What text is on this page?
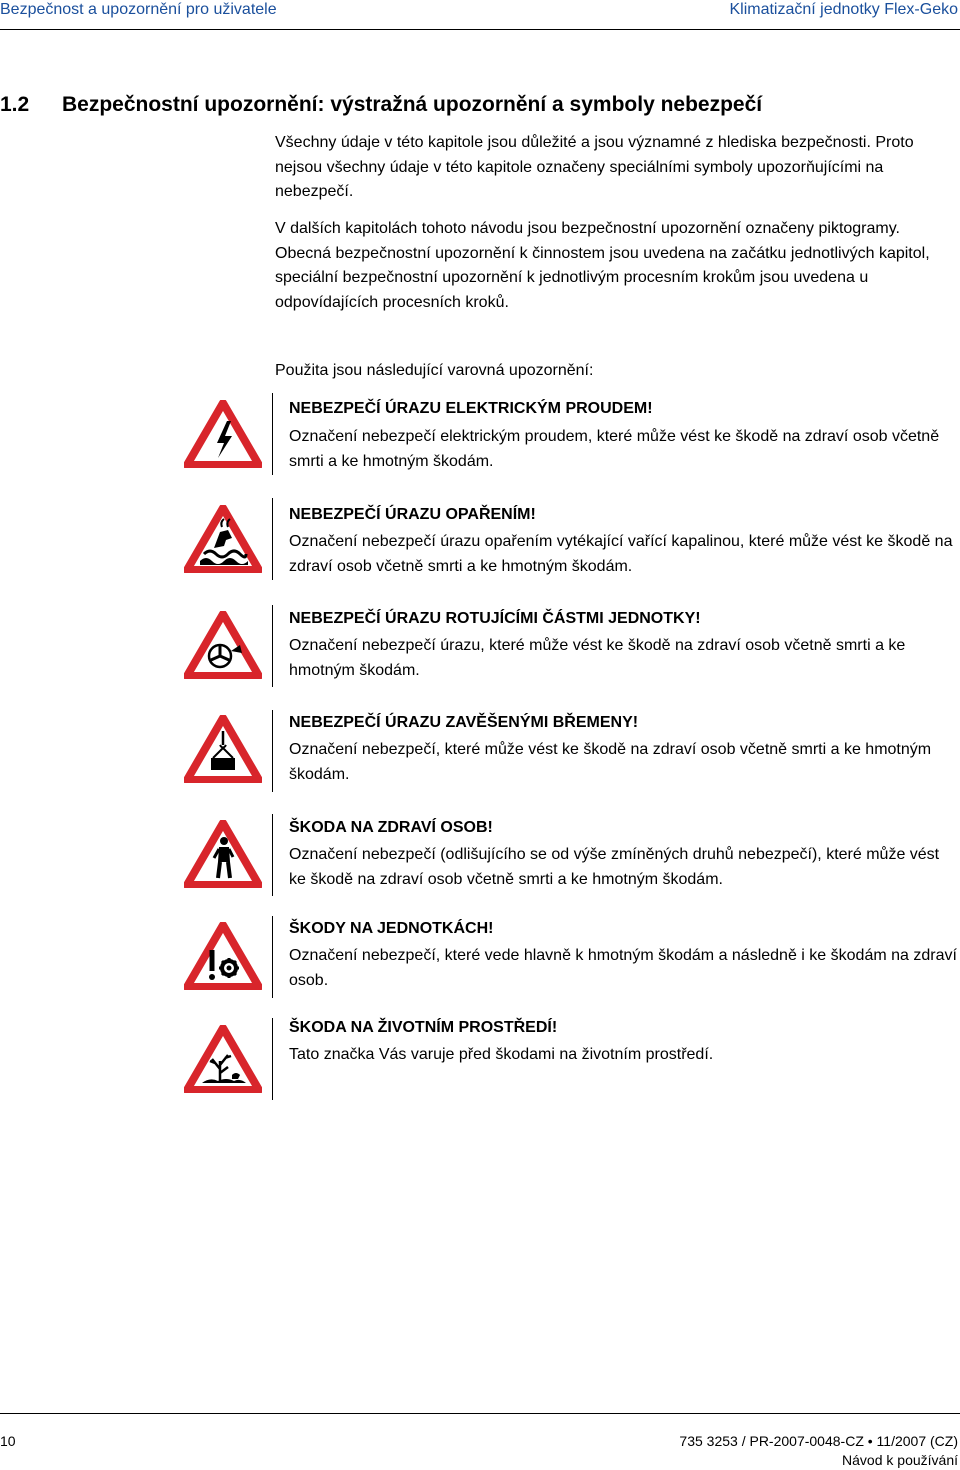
Bezpečnost a upozornění pro uživatele	Klimatizační jednotky Flex-Geko
1.2 Bezpečnostní upozornění: výstražná upozornění a symboly nebezpečí

Všechny údaje v této kapitole jsou důležité a jsou významné z hlediska bezpečnosti. Proto nejsou všechny údaje v této kapitole označeny speciálními symboly upozorňujícími na nebezpečí.

V dalších kapitolách tohoto návodu jsou bezpečnostní upozornění označeny piktogramy. Obecná bezpečnostní upozornění k činnostem jsou uvedena na začátku jednotlivých kapitol, speciální bezpečnostní upozornění k jednotlivým procesním krokům jsou uvedena u odpovídajících procesních kroků.

Použita jsou následující varovná upozornění:

NEBEZPEČÍ ÚRAZU ELEKTRICKÝM PROUDEM!

Označení nebezpečí elektrickým proudem, které může vést ke škodě na zdraví osob včetně smrti a ke hmotným škodám.

NEBEZPEČÍ ÚRAZU OPAŘENÍM!

Označení nebezpečí úrazu opařením vytékající vařící kapalinou, které může vést ke škodě na zdraví osob včetně smrti a ke hmotným škodám.

NEBEZPEČÍ ÚRAZU ROTUJÍCÍMI ČÁSTMI JEDNOTKY!

Označení nebezpečí úrazu, které může vést ke škodě na zdraví osob včetně smrti a ke hmotným škodám.

NEBEZPEČÍ ÚRAZU ZAVĚŠENÝMI BŘEMENY!

Označení nebezpečí, které může vést ke škodě na zdraví osob včetně smrti a ke hmotným škodám.

ŠKODA NA ZDRAVÍ OSOB!

Označení nebezpečí (odlišujícího se od výše zmíněných druhů nebezpečí), které může vést ke škodě na zdraví osob včetně smrti a ke hmotným škodám.

ŠKODY NA JEDNOTKÁCH!

Označení nebezpečí, které vede hlavně k hmotným škodám a následně i ke škodám na zdraví osob.

ŠKODA NA ŽIVOTNÍM PROSTŘEDÍ!

Tato značka Vás varuje před škodami na životním prostředí.

10	735 3253 / PR-2007-0048-CZ • 11/2007 (CZ)
Návod k používání
